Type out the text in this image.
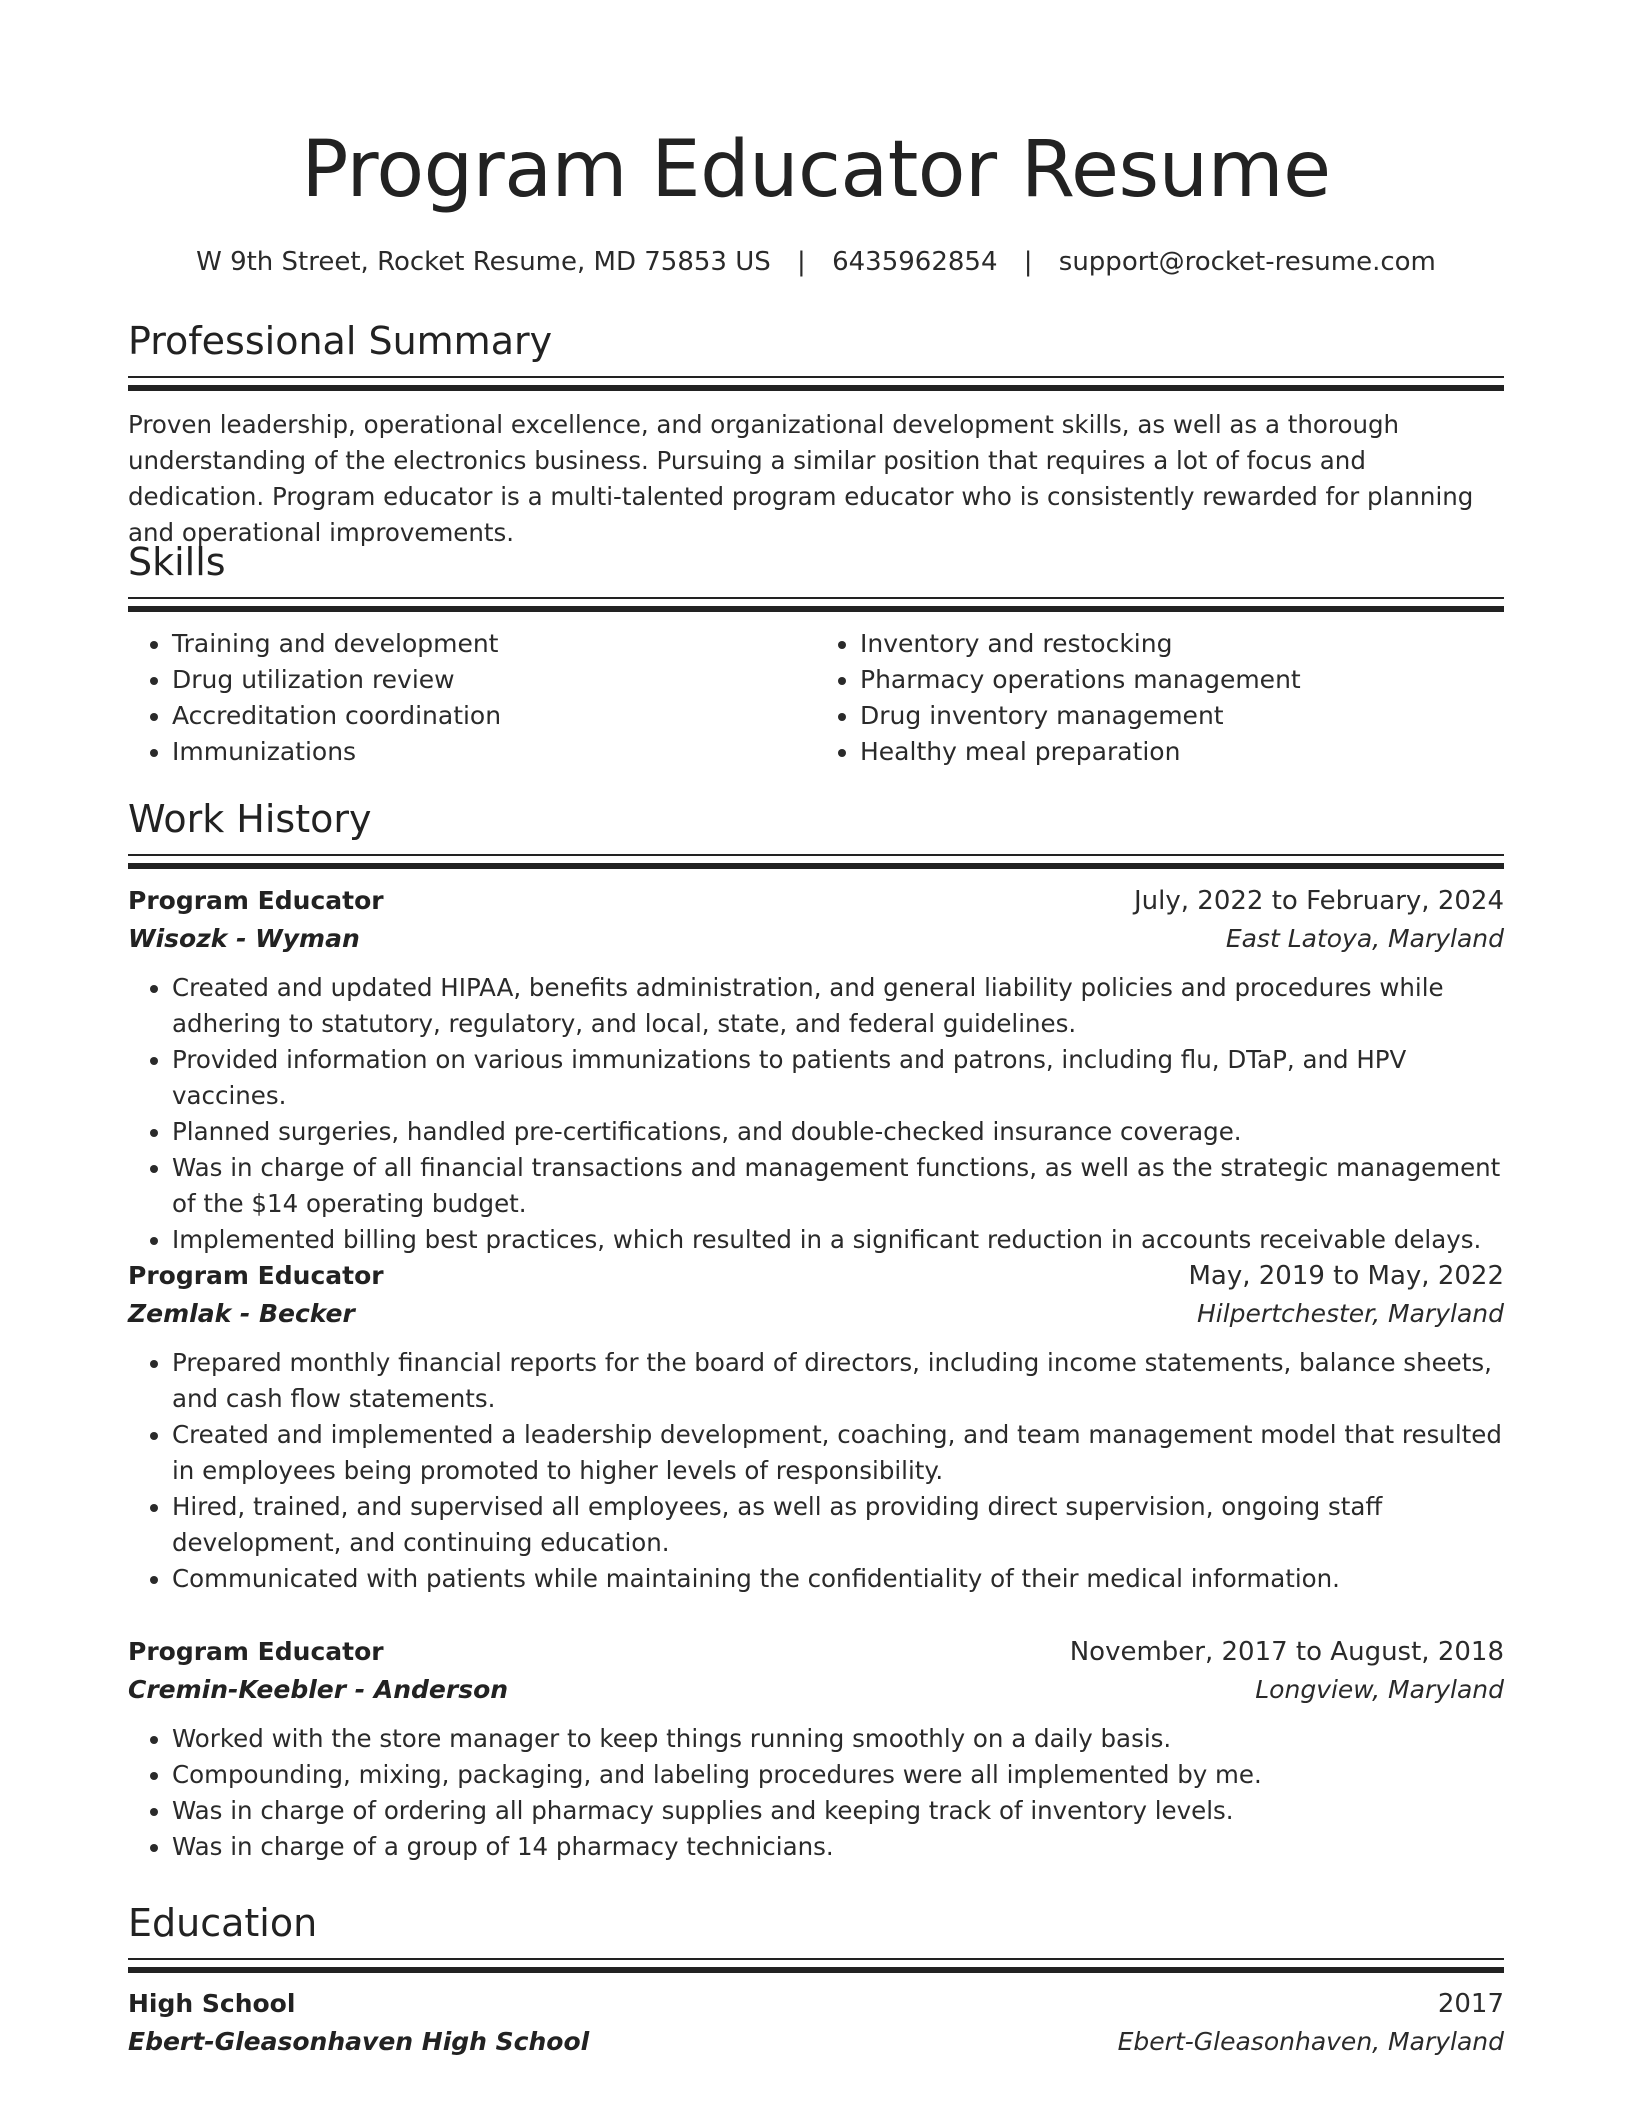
Program Educator Resume
W 9th Street, Rocket Resume, MD 75853 US | 6435962854 | support@rocket-resume.com
Professional Summary
Proven leadership, operational excellence, and organizational development skills, as well as a thorough understanding of the electronics business. Pursuing a similar position that requires a lot of focus and dedication. Program educator is a multi-talented program educator who is consistently rewarded for planning and operational improvements.
Skills
• Training and development
• Drug utilization review
• Accreditation coordination
• Immunizations
• Inventory and restocking
• Pharmacy operations management
• Drug inventory management
• Healthy meal preparation
Work History
Program Educator	July, 2022 to February, 2024
Wisozk - Wyman	East Latoya, Maryland
• Created and updated HIPAA, benefits administration, and general liability policies and procedures while adhering to statutory, regulatory, and local, state, and federal guidelines.
• Provided information on various immunizations to patients and patrons, including flu, DTaP, and HPV vaccines.
• Planned surgeries, handled pre-certifications, and double-checked insurance coverage.
• Was in charge of all financial transactions and management functions, as well as the strategic management of the $14 operating budget.
• Implemented billing best practices, which resulted in a significant reduction in accounts receivable delays.
Program Educator	May, 2019 to May, 2022
Zemlak - Becker	Hilpertchester, Maryland
• Prepared monthly financial reports for the board of directors, including income statements, balance sheets, and cash flow statements.
• Created and implemented a leadership development, coaching, and team management model that resulted in employees being promoted to higher levels of responsibility.
• Hired, trained, and supervised all employees, as well as providing direct supervision, ongoing staff development, and continuing education.
• Communicated with patients while maintaining the confidentiality of their medical information.
Program Educator	November, 2017 to August, 2018
Cremin-Keebler - Anderson	Longview, Maryland
• Worked with the store manager to keep things running smoothly on a daily basis.
• Compounding, mixing, packaging, and labeling procedures were all implemented by me.
• Was in charge of ordering all pharmacy supplies and keeping track of inventory levels.
• Was in charge of a group of 14 pharmacy technicians.
Education
High School	2017
Ebert-Gleasonhaven High School	Ebert-Gleasonhaven, Maryland
